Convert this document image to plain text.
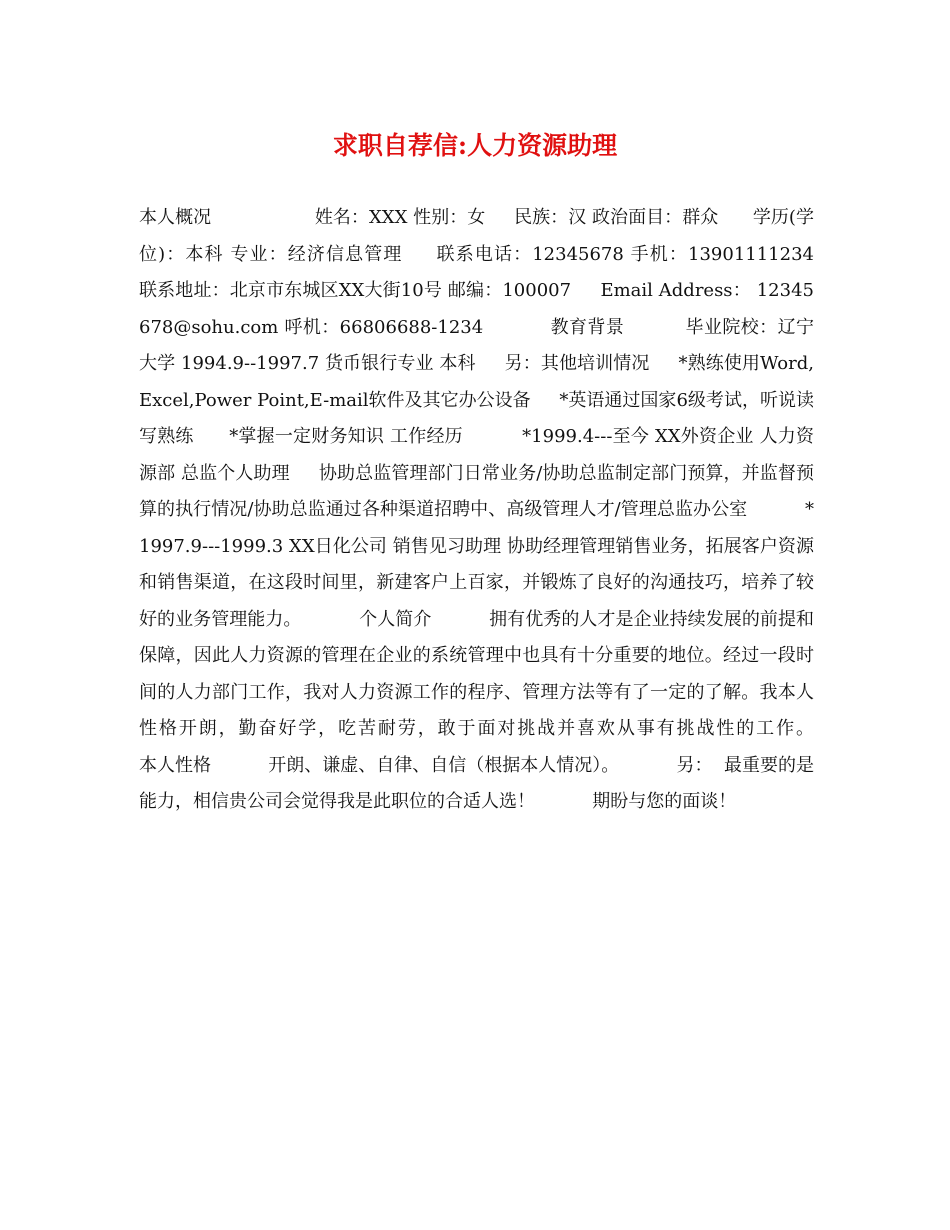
求职自荐信:人力资源助理

本人概况                  姓名：XXX 性别：女     民族：汉 政治面目：群众      学历(学位)：本科 专业：经济信息管理     联系电话：12345678 手机：13901111234     联系地址：北京市东城区XX大街10号 邮编：100007     Email Address： 12345678@sohu.com 呼机：66806688-1234           教育背景          毕业院校：辽宁大学 1994.9--1997.7 货币银行专业 本科     另：其他培训情况     *熟练使用Word,Excel,Power Point,E-mail软件及其它办公设备     *英语通过国家6级考试，听说读写熟练      *掌握一定财务知识 工作经历          *1999.4---至今 XX外资企业 人力资源部 总监个人助理     协助总监管理部门日常业务/协助总监制定部门预算，并监督预算的执行情况/协助总监通过各种渠道招聘中、高级管理人才/管理总监办公室          *1997.9---1999.3 XX日化公司 销售见习助理 协助经理管理销售业务，拓展客户资源和销售渠道，在这段时间里，新建客户上百家，并锻炼了良好的沟通技巧，培养了较好的业务管理能力。          个人简介          拥有优秀的人才是企业持续发展的前提和保障，因此人力资源的管理在企业的系统管理中也具有十分重要的地位。经过一段时间的人力部门工作，我对人力资源工作的程序、管理方法等有了一定的了解。我本人性格开朗，勤奋好学，吃苦耐劳，敢于面对挑战并喜欢从事有挑战性的工作。          本人性格          开朗、谦虚、自律、自信（根据本人情况）。          另：  最重要的是能力，相信贵公司会觉得我是此职位的合适人选！          期盼与您的面谈！
